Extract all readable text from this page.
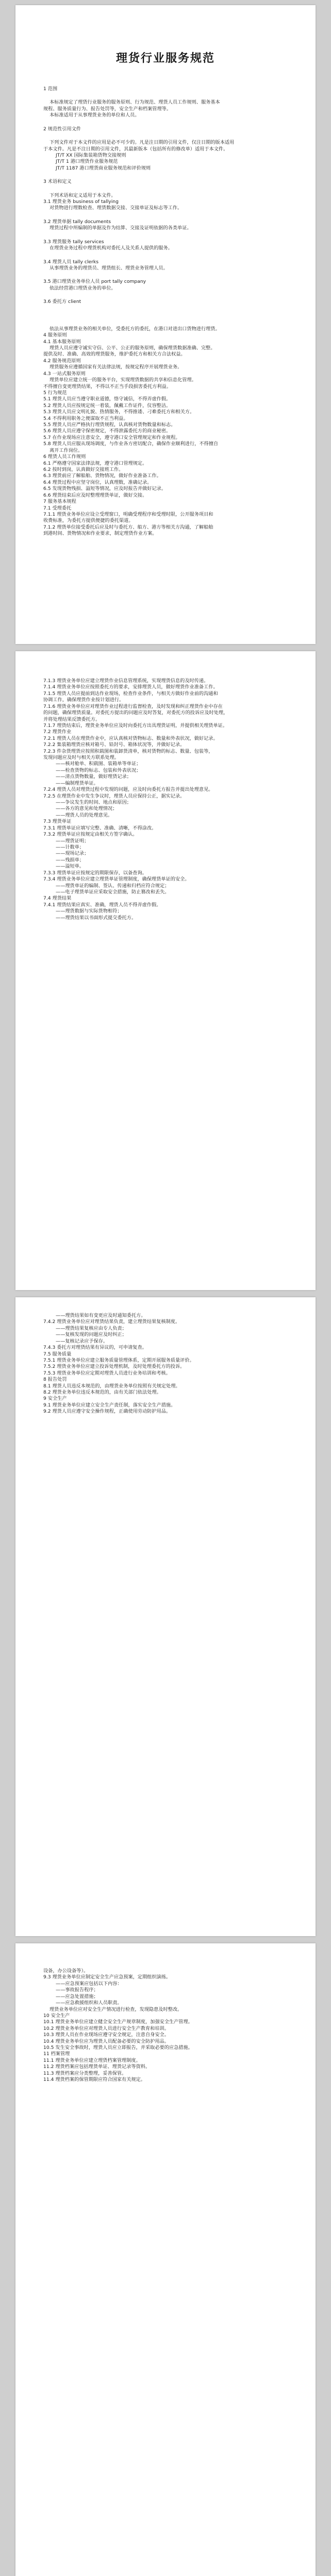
理货行业服务规范

1 范围

本标准规定了理货行业服务的服务原则、行为规范、理货人员工作规则、服务基本

规程、服务质量行为、报告处罚等，安全生产和档案管理等。

本标准适用于从事理货业务的单位和人员。

2 规范性引用文件

下列文件对于本文件的应用是必不可少的。凡是注日期的引用文件，仅注日期的版本适用

于本文件。凡是不注日期的引用文件，其最新版本（包括所有的修改单）适用于本文件。

JT/T XX 国际集装箱货物交接规则

JT/T 1 港口理货作业服务规范

JT/T 1187 港口理货商业服务规范和评价规则

3 术语和定义

下列术语和定义适用于本文件。

3.1 理货业务 business of tallying

对货物进行理数检查、理货数据交接、交接单证及标志等工作。

3.2 理货单据 tally documents

理货过程中所编制的单据及作为结算、交接及证明依据的各类单证。

3.3 理货服务 tally services

在理货业务过程中理货机构对委托人及关系人提供的服务。

3.4 理货人员 tally clerks

从事理货业务的理货员、理货组长、理货业务管理人员。

3.5 港口理货业务单位人员 port tally company

依法经营港口理货业务的单位。

3.6 委托方 client

依法从事理货业务的相关单位，受委托方的委托，在港口对进出口货物进行理货。

4 服务原则

4.1 基本服务原则

理货人员应遵守诚实守信、公平、公正的服务原则，确保理货数据准确、完整。

提供及时、准确、高效的理货服务，维护委托方和相关方合法权益。

4.2 服务规范原则

理货服务应遵循国家有关法律法规，按规定程序开展理货业务。

4.3 一站式服务原则

理货单位应建立统一的服务平台，实现理货数据的共享和信息化管理。

不得擅自变更理货结果，不得以不正当手段损害委托方利益。

5 行为规范

5.1 理货人员应当遵守职业道德，恪守诚信，不得弄虚作假。

5.2 理货人员应按规定统一着装，佩戴工作证件，仪容整洁。

5.3 理货人员应文明礼貌、热情服务，不得推诿、刁难委托方和相关方。

5.4 不得利用职务之便谋取不正当利益。

5.5 理货人员应严格执行理货规程，认真核对货物数量和标志。

5.6 理货人员应遵守保密规定，不得泄露委托方的商业秘密。

5.7 在作业现场应注意安全，遵守港口安全管理规定和作业规程。

5.8 理货人员应服从现场调度，与作业各方密切配合，确保作业顺利进行，不得擅自

离开工作岗位。

6 理货人员工作规则

6.1 严格遵守国家法律法规，遵守港口管理规定。

6.2 按时到岗，认真做好交接班工作。

6.3 理货前应了解船舶、货物情况，做好作业准备工作。

6.4 理货过程中应坚守岗位，认真理数，准确记录。

6.5 发现货物残损、溢短等情况，应及时报告并做好记录。

6.6 理货结束后应及时整理理货单证，做好交接。

7 服务基本规程

7.1 受理委托

7.1.1 理货业务单位应设立受理窗口，明确受理程序和受理时限，公开服务项目和

收费标准，为委托方提供便捷的委托渠道。

7.1.2 理货单位接受委托后应及时与委托方、船方、港方等相关方沟通，了解船舶

到港时间、货物情况和作业要求，制定理货作业方案。

7.1.3 理货业务单位应建立理货作业信息管理系统，实现理货信息的及时传递。

7.1.4 理货业务单位应按照委托方的要求，安排理货人员，做好理货作业准备工作。

7.1.5 理货人员应提前到达作业现场，检查作业条件，与相关方做好作业前的沟通和

协调工作，确保理货作业按计划进行。

7.1.6 理货业务单位应对理货作业过程进行监督检查，及时发现和纠正理货作业中存在

的问题，确保理货质量。对委托方提出的问题应及时答复，对委托方的投诉应及时处理，

并将处理结果反馈委托方。

7.1.7 理货结束后，理货业务单位应及时向委托方出具理货证明，并提供相关理货单证。

7.2 理货作业

7.2.1 理货人员在理货作业中，应认真核对货物标志、数量和外表状况，做好记录。

7.2.2 集装箱理货应核对箱号、铅封号、箱体状况等，并做好记录。

7.2.3 件杂货理货应按照积载图和装卸货清单，核对货物的标志、数量、包装等，

发现问题应及时与相关方联系处理。

——核对舱单、积载图、装箱单等单证；

——检查货物的标志、包装和外表状况；

——清点货物数量，做好理货记录；

——编制理货单证。

7.2.4 理货人员对理货过程中发现的问题，应及时向委托方报告并提出处理意见。

7.2.5 在理货作业中发生争议时，理货人员应保持公正，据实记录。

——争议发生的时间、地点和原因；

——各方的意见和处理情况；

——理货人员的处理意见。

7.3 理货单证

7.3.1 理货单证应填写完整、准确、清晰，不得涂改。

7.3.2 理货单证应按规定由相关方签字确认。

——理货证明；

——计数单；

——现场记录；

——残损单；

——溢短单。

7.3.3 理货单证应按规定的期限保存，以备查询。

7.3.4 理货业务单位应建立理货单证管理制度，确保理货单证的安全。

——理货单证的编制、签认、传递和归档应符合规定；

——电子理货单证应采取安全措施，防止篡改和丢失。

7.4 理货结果

7.4.1 理货结果应真实、准确，理货人员不得弄虚作假。

——理货数据与实际货物相符；

——理货结果以书面形式提交委托方。

——理货结果如有变更应及时通知委托方。

7.4.2 理货业务单位应对理货结果负责，建立理货结果复核制度。

——理货结果复核应由专人负责；

——复核发现的问题应及时纠正；

——复核记录应予保存。

7.4.3 委托方对理货结果有异议的，可申请复查。

7.5 服务质量

7.5.1 理货业务单位应建立服务质量管理体系，定期开展服务质量评价。

7.5.2 理货业务单位应建立投诉处理机制，及时处理委托方的投诉。

7.5.3 理货业务单位应定期对理货人员进行业务培训和考核。

8 报告处罚

8.1 理货人员违反本规范的，由理货业务单位按照有关规定处理。

8.2 理货业务单位违反本规范的，由有关部门依法处理。

9 安全生产

9.1 理货业务单位应建立安全生产责任制，落实安全生产措施。

9.2 理货人员应遵守安全操作规程，正确使用劳动防护用品。

设备，办公设备等）。

9.3 理货业务单位应制定安全生产应急预案，定期组织演练。

——应急预案应包括以下内容：

——事故报告程序；

——应急处置措施；

——应急救援组织和人员职责。

理货业务单位应对安全生产情况进行检查，发现隐患及时整改。

10 安全生产

10.1 理货业务单位应建立健全安全生产规章制度，加强安全生产管理。

10.2 理货业务单位应对理货人员进行安全生产教育和培训。

10.3 理货人员在作业现场应遵守安全规定，注意自身安全。

10.4 理货业务单位应为理货人员配备必要的安全防护用品。

10.5 发生安全事故时，理货人员应立即报告，并采取必要的应急措施。

11 档案管理

11.1 理货业务单位应建立理货档案管理制度。

11.2 理货档案应包括理货单证、理货记录等资料。

11.3 理货档案应分类整理，妥善保管。

11.4 理货档案的保管期限应符合国家有关规定。
